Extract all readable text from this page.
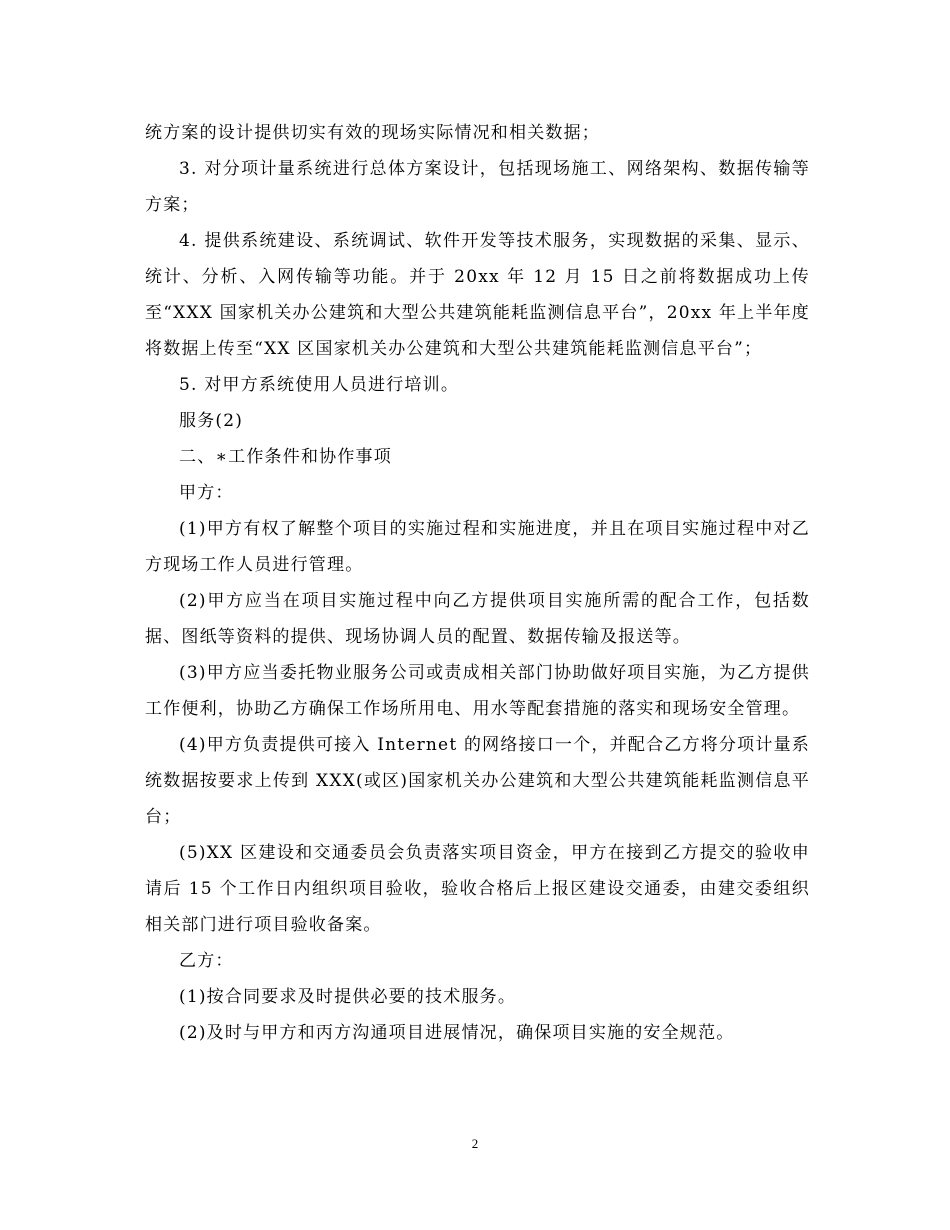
统方案的设计提供切实有效的现场实际情况和相关数据；

3. 对分项计量系统进行总体方案设计，包括现场施工、网络架构、数据传输等方案；

4. 提供系统建设、系统调试、软件开发等技术服务，实现数据的采集、显示、统计、分析、入网传输等功能。并于 20xx 年 12 月 15 日之前将数据成功上传至“XXX 国家机关办公建筑和大型公共建筑能耗监测信息平台”，20xx 年上半年度将数据上传至“XX 区国家机关办公建筑和大型公共建筑能耗监测信息平台”；

5. 对甲方系统使用人员进行培训。

服务(2)

二、∗工作条件和协作事项

甲方：

(1)甲方有权了解整个项目的实施过程和实施进度，并且在项目实施过程中对乙方现场工作人员进行管理。

(2)甲方应当在项目实施过程中向乙方提供项目实施所需的配合工作，包括数据、图纸等资料的提供、现场协调人员的配置、数据传输及报送等。

(3)甲方应当委托物业服务公司或责成相关部门协助做好项目实施，为乙方提供工作便利，协助乙方确保工作场所用电、用水等配套措施的落实和现场安全管理。

(4)甲方负责提供可接入 Internet 的网络接口一个，并配合乙方将分项计量系统数据按要求上传到 XXX(或区)国家机关办公建筑和大型公共建筑能耗监测信息平台；

(5)XX 区建设和交通委员会负责落实项目资金，甲方在接到乙方提交的验收申请后 15 个工作日内组织项目验收，验收合格后上报区建设交通委，由建交委组织相关部门进行项目验收备案。

乙方：

(1)按合同要求及时提供必要的技术服务。

(2)及时与甲方和丙方沟通项目进展情况，确保项目实施的安全规范。

2
